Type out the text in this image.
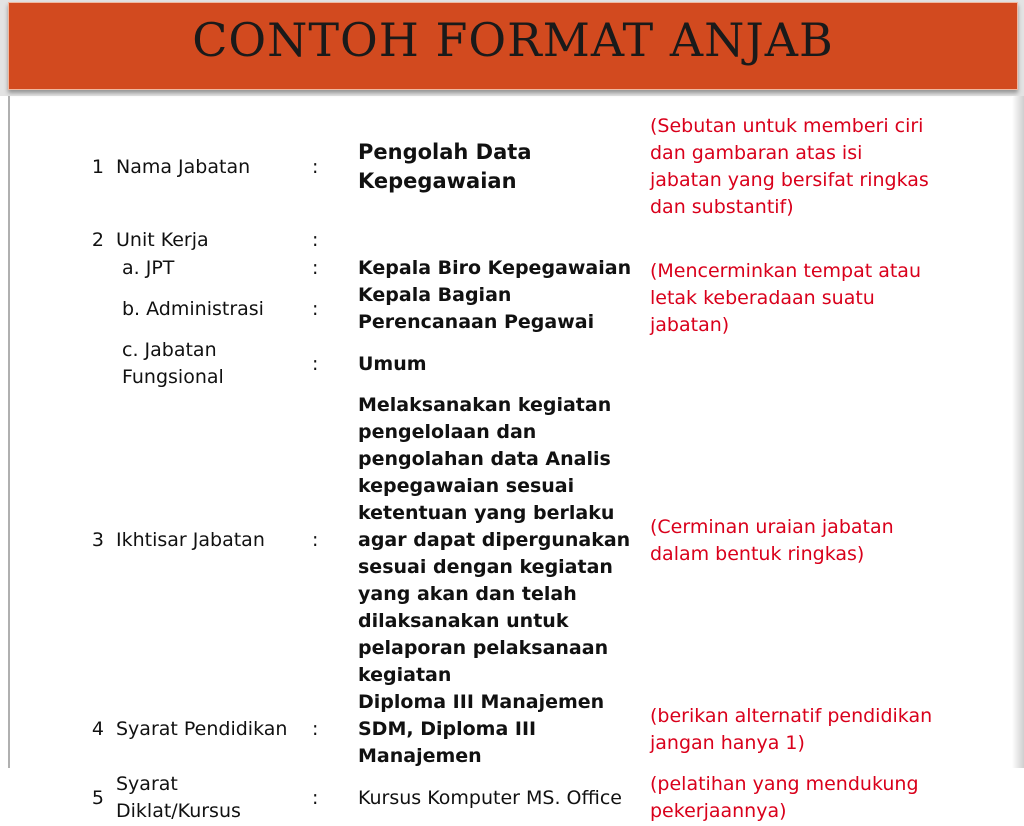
CONTOH FORMAT ANJAB
1	Nama Jabatan	:	Pengolah Data Kepegawaian	(Sebutan untuk memberi ciri dan gambaran atas isi jabatan yang bersifat ringkas dan substantif)
2	Unit Kerja	:		
	a. JPT	:	Kepala Biro Kepegawaian	(Mencerminkan tempat atau letak keberadaan suatu jabatan)
	b. Administrasi	:	Kepala Bagian Perencanaan Pegawai	
	c. Jabatan Fungsional	:	Umum	
3	Ikhtisar Jabatan	:	Melaksanakan kegiatan pengelolaan dan pengolahan data Analis kepegawaian sesuai ketentuan yang berlaku agar dapat dipergunakan sesuai dengan kegiatan yang akan dan telah dilaksanakan untuk pelaporan pelaksanaan kegiatan	(Cerminan uraian jabatan dalam bentuk ringkas)
4	Syarat Pendidikan	:	Diploma III Manajemen SDM, Diploma III Manajemen	(berikan alternatif pendidikan jangan hanya 1)
5	Syarat Diklat/Kursus	:	Kursus Komputer MS. Office	(pelatihan yang mendukung pekerjaannya)
